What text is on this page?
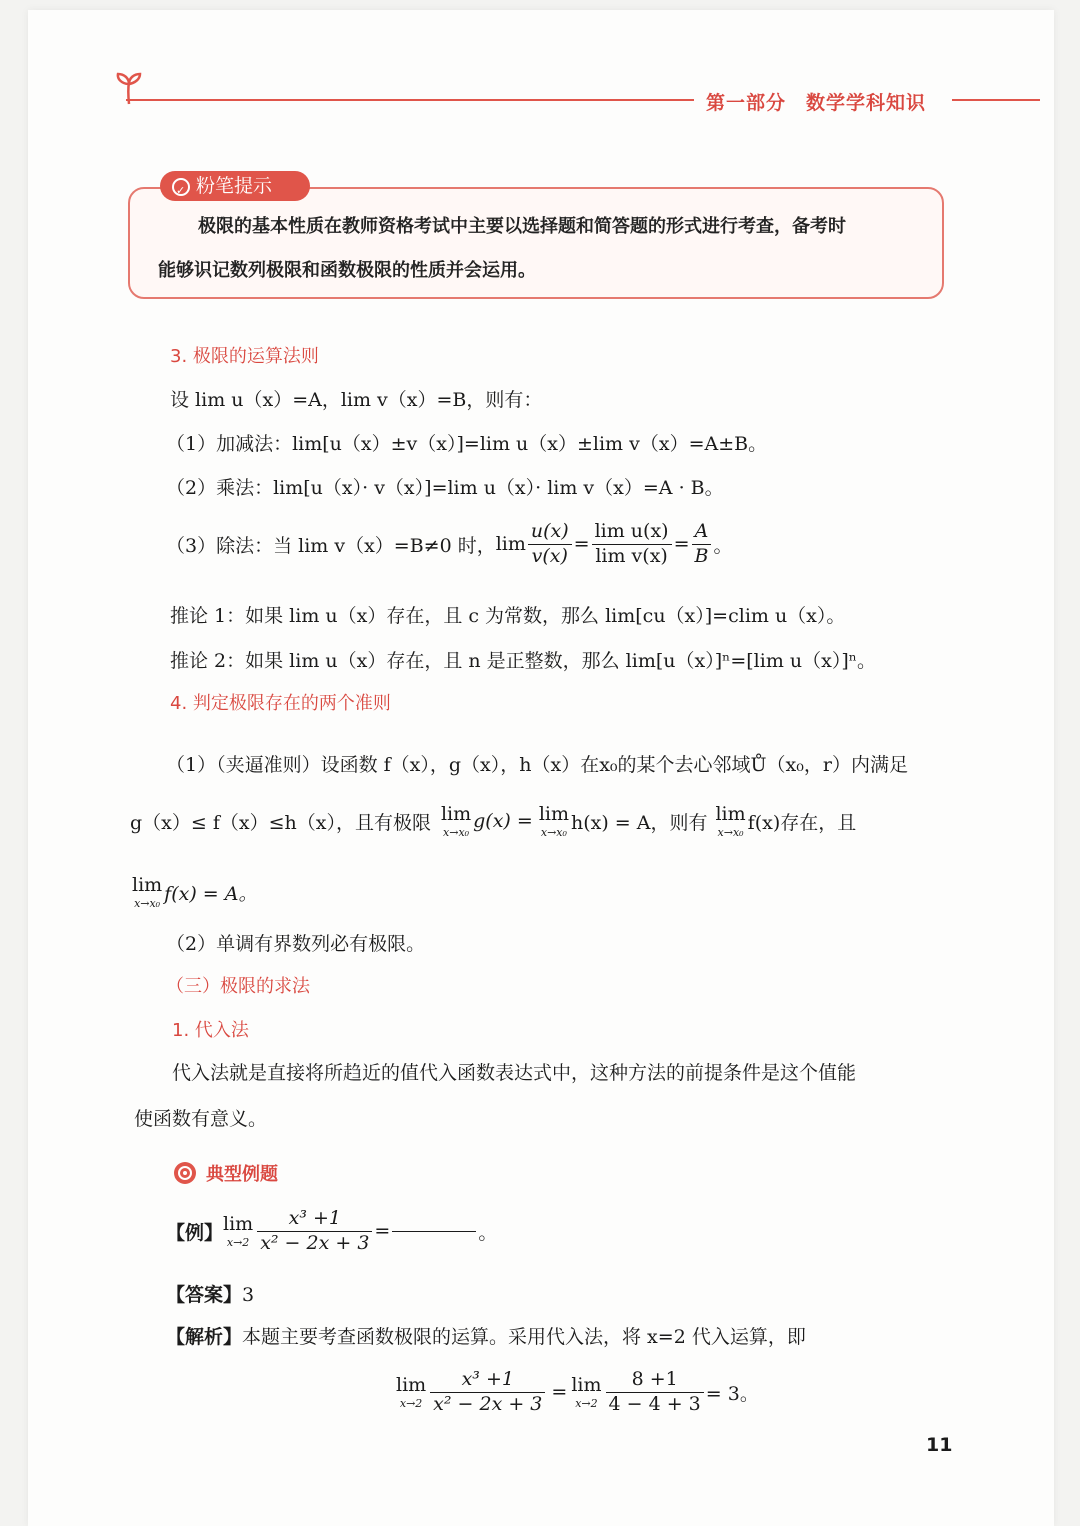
第一部分　数学学科知识
✓ 粉笔提示
极限的基本性质在教师资格考试中主要以选择题和简答题的形式进行考查，备考时
能够识记数列极限和函数极限的性质并会运用。
3. 极限的运算法则
设 lim u（x）=A，lim v（x）=B，则有：
（1）加减法：lim[u（x）±v（x）]=lim u（x）±lim v（x）=A±B。
（2）乘法：lim[u（x）· v（x）]=lim u（x）· lim v（x）=A · B。
（3）除法：当 lim v（x）=B≠0 时， $\lim \frac{u(x)}{v(x)} = \frac{\text{lim u(x)}}{\text{lim v(x)}} = \frac{A}{B}$ 。
推论 1：如果 lim u（x）存在，且 c 为常数，那么 lim[cu（x）]=clim u（x）。
推论 2：如果 lim u（x）存在，且 n 是正整数，那么 lim[u（x）]ⁿ=[lim u（x）]ⁿ。
4. 判定极限存在的两个准则
（1）（夹逼准则）设函数 f（x），g（x），h（x）在x₀的某个去心邻域Ů（x₀，r）内满足
g（x）≤ f（x）≤h（x），且有极限 lim
x→x₀ g(x) = lim
x→x₀ h(x) = A，则有 lim
x→x₀ f(x)存在，且
lim
x→x₀ f(x) = A。
（2）单调有界数列必有极限。
（三）极限的求法
1. 代入法
代入法就是直接将所趋近的值代入函数表达式中，这种方法的前提条件是这个值能
使函数有意义。
典型例题
【例】 lim
$x\to 2 \frac{\text{x³ +1}}{\text{x² − 2x + 3}}$ =	。
【答案】3
【解析】本题主要考查函数极限的运算。采用代入法，将 x=2 代入运算，即
lim
$x\to 2 \frac{\text{x³ +1}}{\text{x² − 2x + 3}} = \lim$
$x\to 2 \frac{8 +1}{4 - 4 + 3} = 3$。
11
